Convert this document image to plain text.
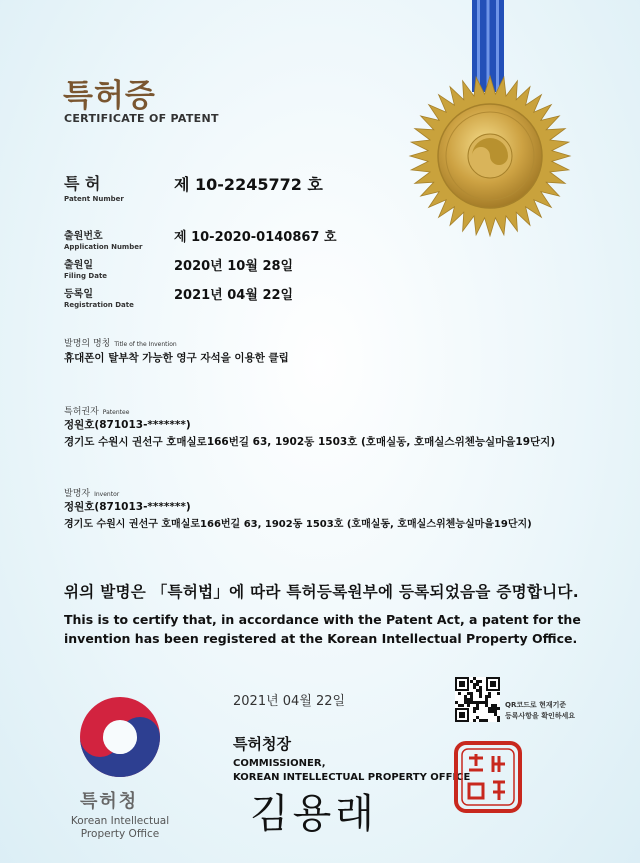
특허증
CERTIFICATE OF PATENT
특 허
Patent Number
제 10-2245772 호
출원번호
Application Number
제 10-2020-0140867 호
출원일
Filing Date
2020년 10월 28일
등록일
Registration Date
2021년 04월 22일
발명의 명칭 Title of the Invention
휴대폰이 탈부착 가능한 영구 자석을 이용한 클립
특허권자 Patentee
정원호(871013-*******)
경기도 수원시 권선구 호매실로166번길 63, 1902동 1503호 (호매실동, 호매실스위첸능실마을19단지)
발명자 Inventor
정원호(871013-*******)
경기도 수원시 권선구 호매실로166번길 63, 1902동 1503호 (호매실동, 호매실스위첸능실마을19단지)
위의 발명은 「특허법」에 따라 특허등록원부에 등록되었음을 증명합니다.
This is to certify that, in accordance with the Patent Act, a patent for the invention has been registered at the Korean Intellectual Property Office.
2021년 04월 22일
특허청장
COMMISSIONER,
KOREAN INTELLECTUAL PROPERTY OFFICE
김용래
QR코드로 현재기준
등록사항을 확인하세요
특허청
Korean Intellectual
Property Office
